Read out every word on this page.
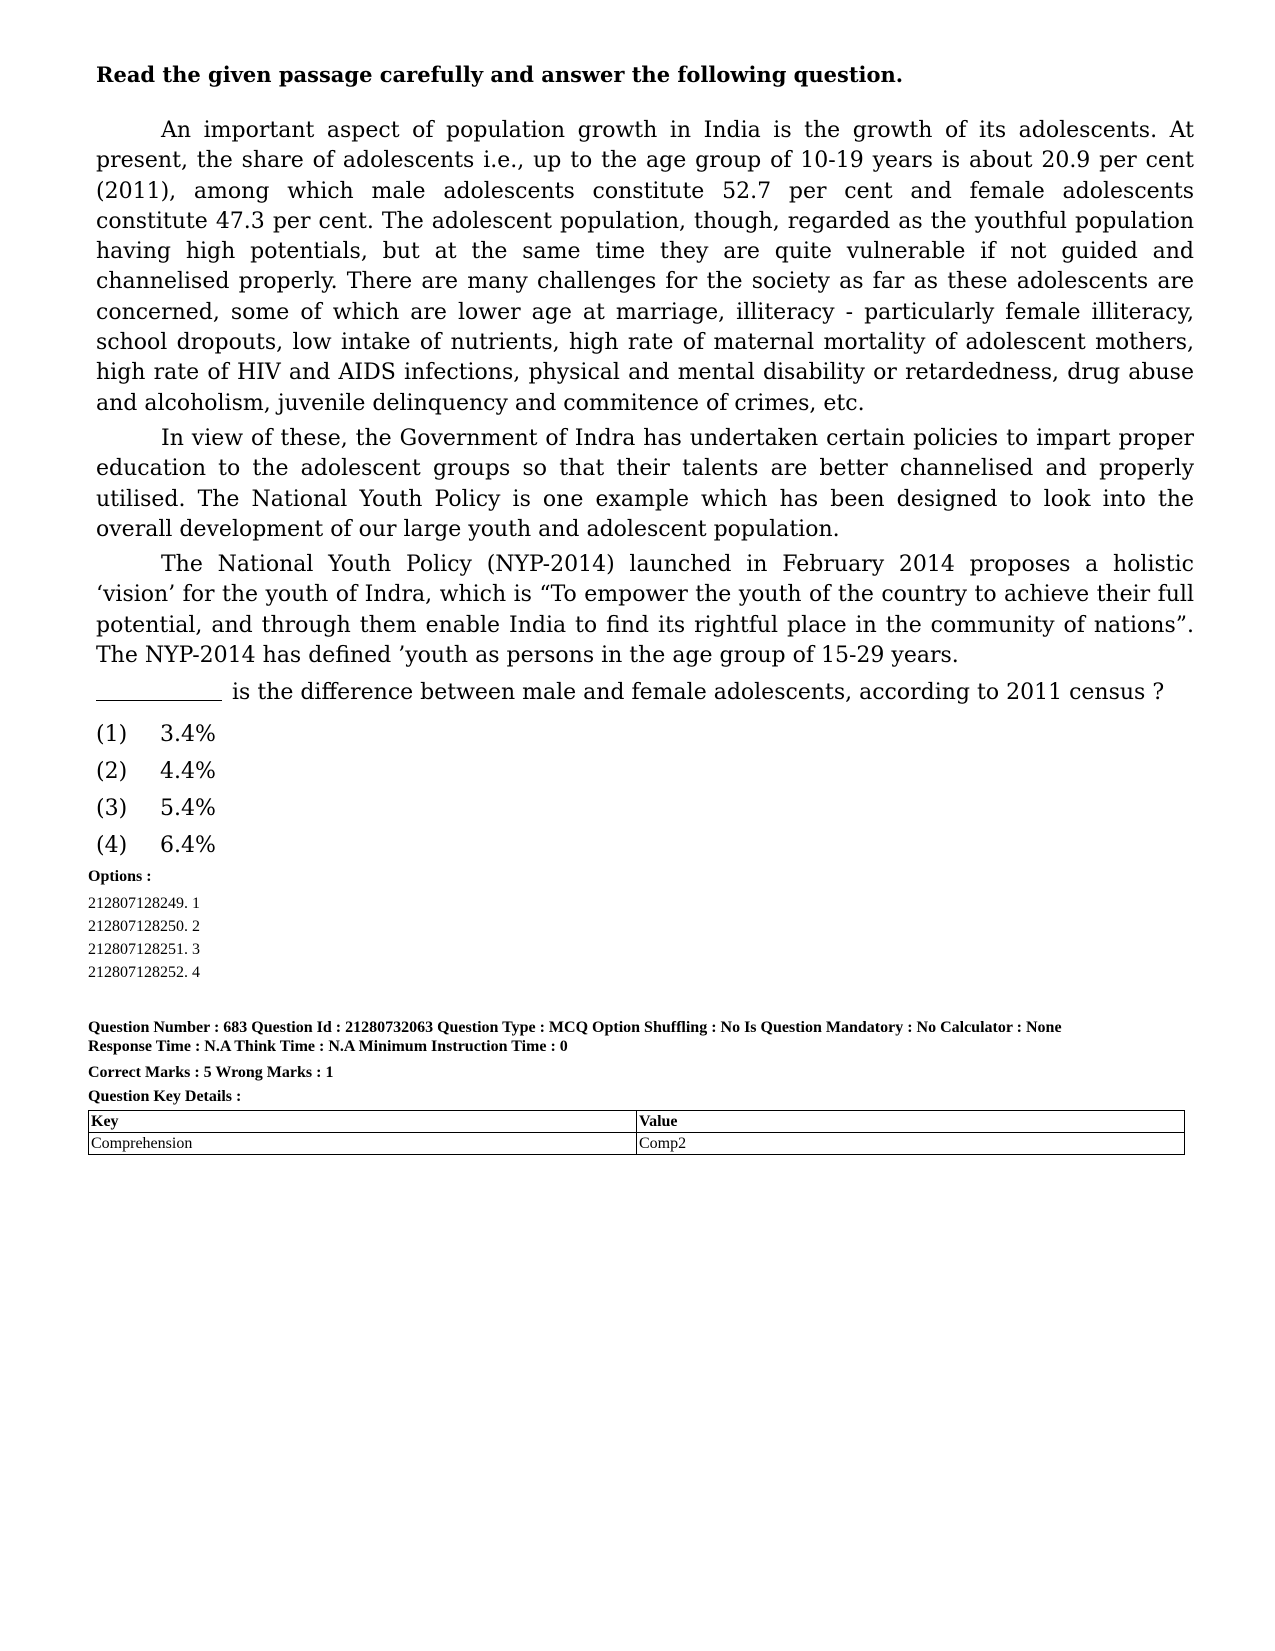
Read the given passage carefully and answer the following question.

An important aspect of population growth in India is the growth of its adolescents. At present, the share of adolescents i.e., up to the age group of 10-19 years is about 20.9 per cent (2011), among which male adolescents constitute 52.7 per cent and female adolescents constitute 47.3 per cent. The adolescent population, though, regarded as the youthful population having high potentials, but at the same time they are quite vulnerable if not guided and channelised properly. There are many challenges for the society as far as these adolescents are concerned, some of which are lower age at marriage, illiteracy - particularly female illiteracy, school dropouts, low intake of nutrients, high rate of maternal mortality of adolescent mothers, high rate of HIV and AIDS infections, physical and mental disability or retardedness, drug abuse and alcoholism, juvenile delinquency and commitence of crimes, etc.

In view of these, the Government of Indra has undertaken certain policies to impart proper education to the adolescent groups so that their talents are better channelised and properly utilised. The National Youth Policy is one example which has been designed to look into the overall development of our large youth and adolescent population.

The National Youth Policy (NYP-2014) launched in February 2014 proposes a holistic ‘vision’ for the youth of Indra, which is “To empower the youth of the country to achieve their full potential, and through them enable India to find its rightful place in the community of nations”. The NYP-2014 has defined ’youth as persons in the age group of 15-29 years.

is the difference between male and female adolescents, according to 2011 census ?
(1) 3.4%
(2) 4.4%
(3) 5.4%
(4) 6.4%
Options :
212807128249. 1
212807128250. 2
212807128251. 3
212807128252. 4
Question Number : 683 Question Id : 21280732063 Question Type : MCQ Option Shuffling : No Is Question Mandatory : No Calculator : None
Response Time : N.A Think Time : N.A Minimum Instruction Time : 0
Correct Marks : 5 Wrong Marks : 1
Question Key Details :
Key	Value
Comprehension	Comp2
